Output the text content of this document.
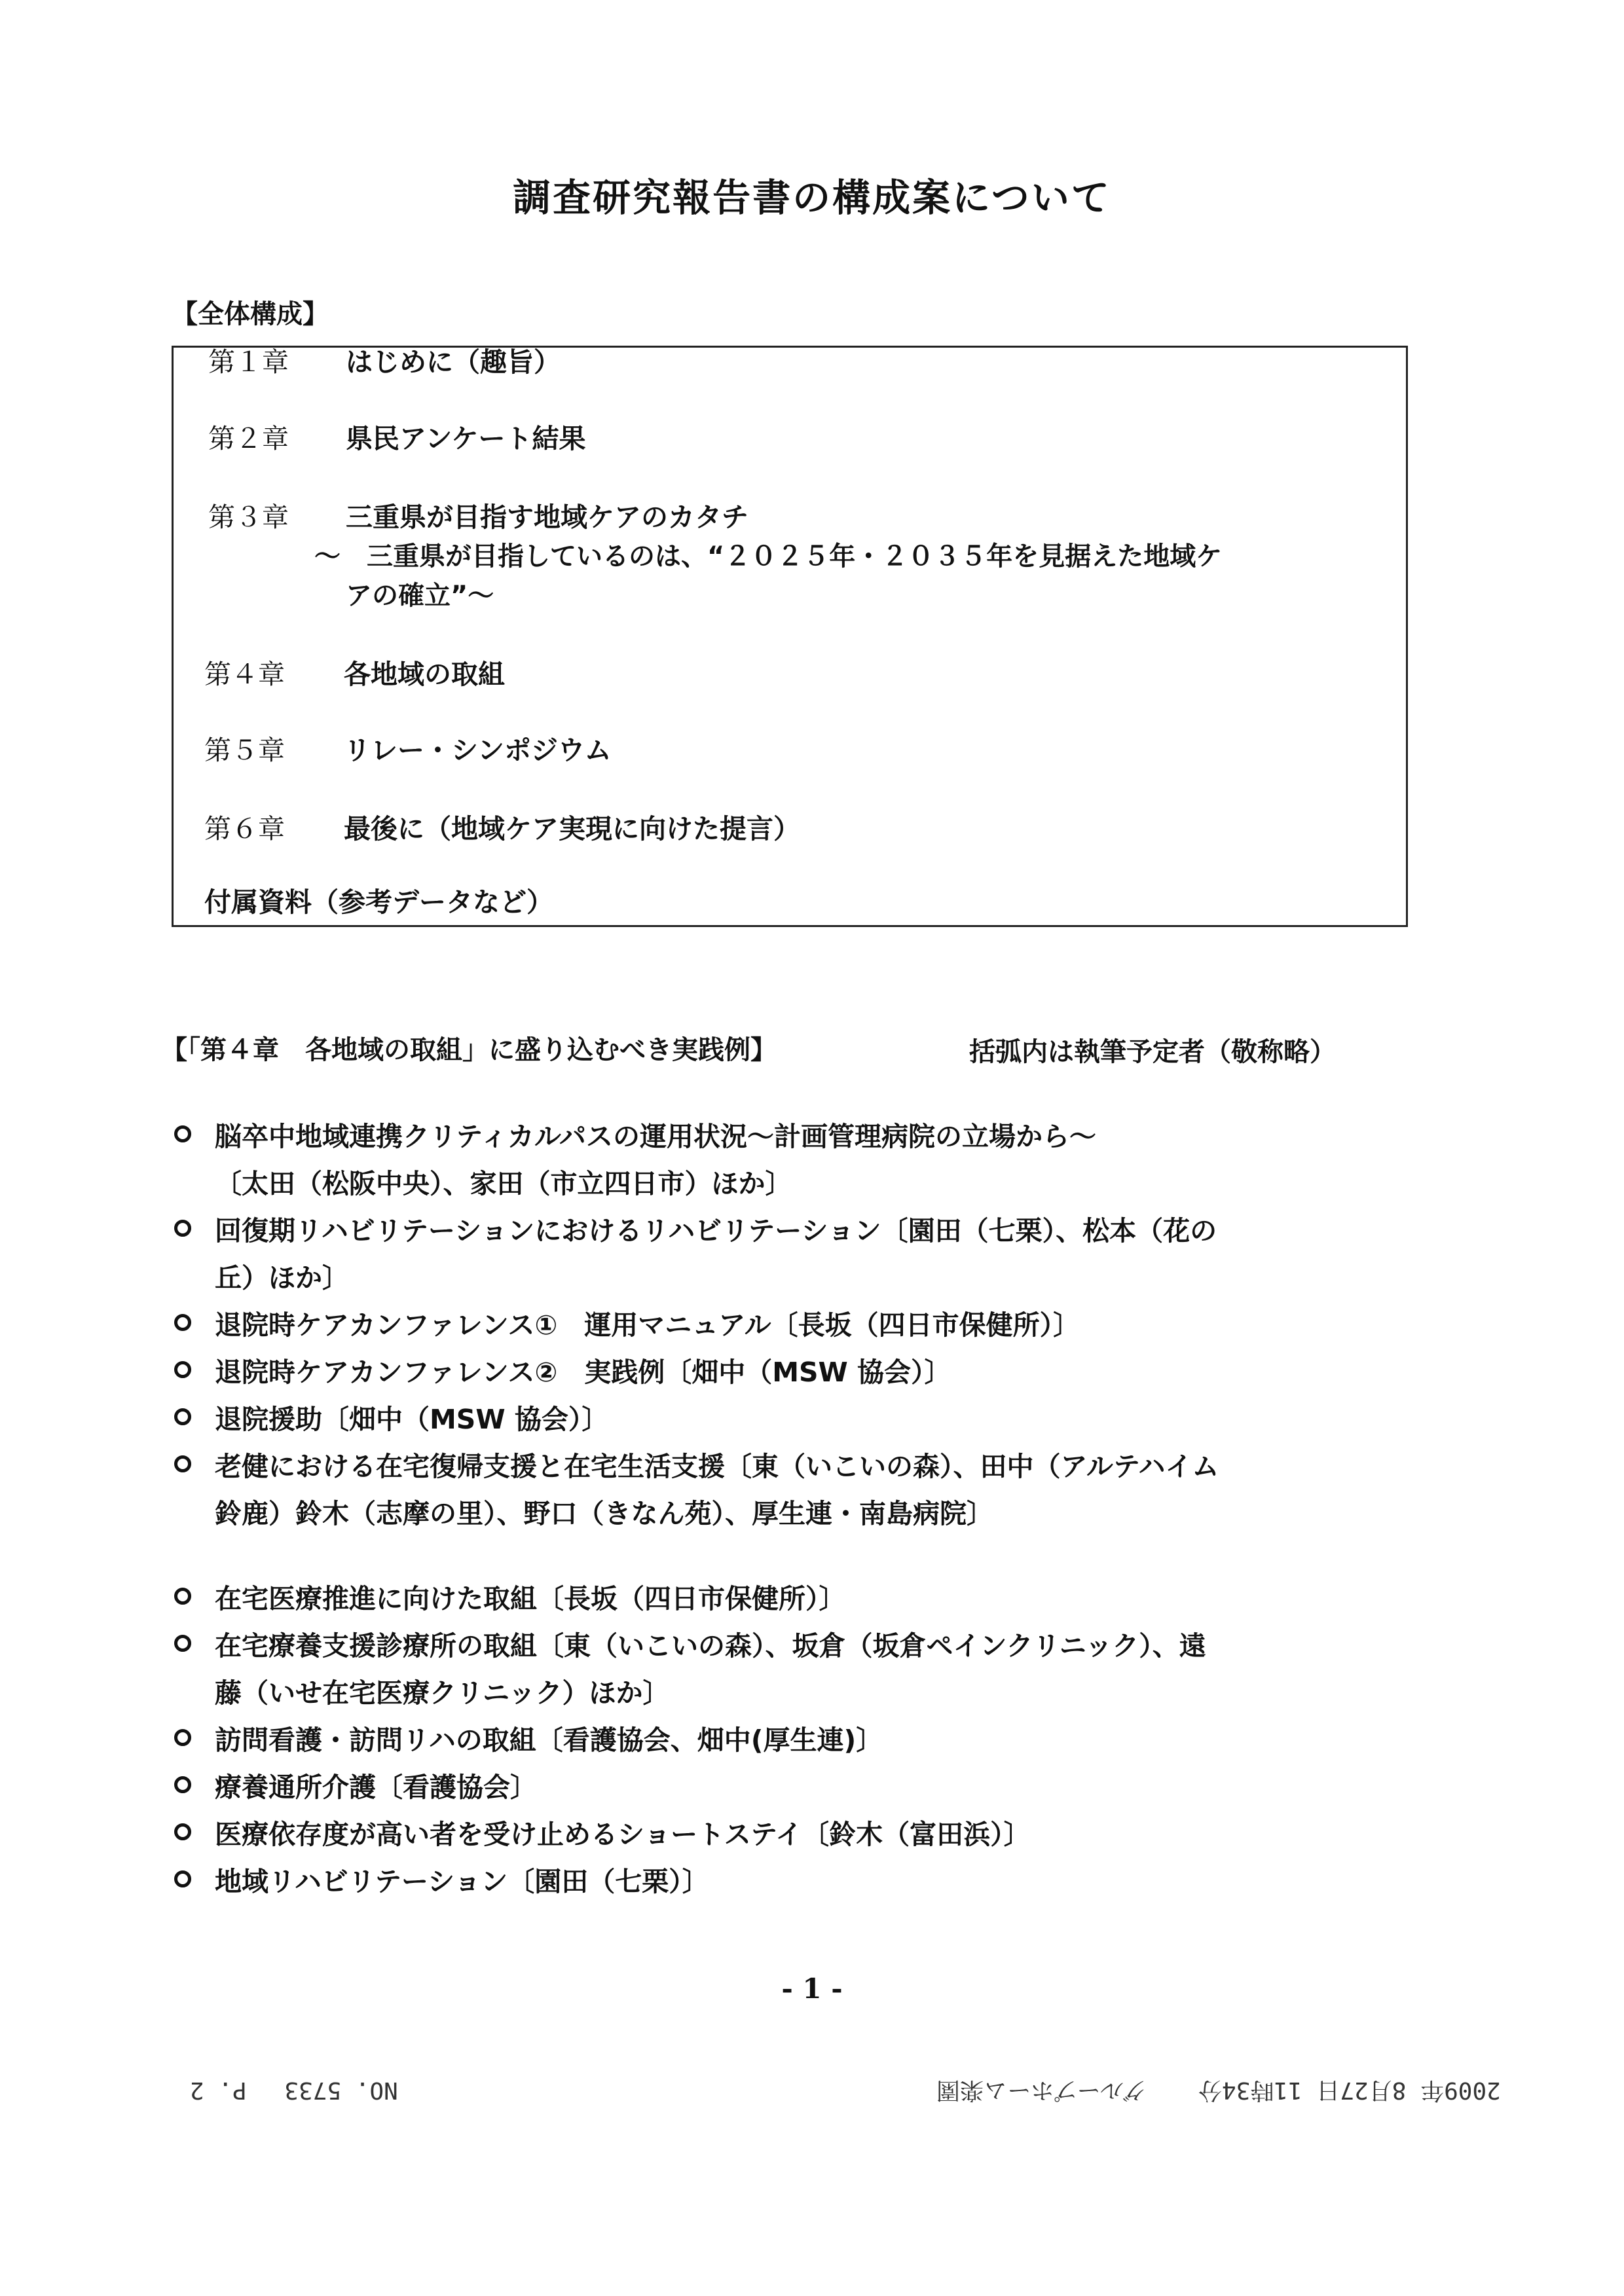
調査研究報告書の構成案について
【全体構成】
第１章 はじめに（趣旨）
第２章 県民アンケート結果
第３章 三重県が目指す地域ケアのカタチ
～　三重県が目指しているのは、“２０２５年・２０３５年を見据えた地域ケ
アの確立”～
第４章 各地域の取組
第５章 リレー・シンポジウム
第６章 最後に（地域ケア実現に向けた提言）
付属資料（参考データなど）
【「第４章　各地域の取組」に盛り込むべき実践例】	括弧内は執筆予定者（敬称略）
脳卒中地域連携クリティカルパスの運用状況～計画管理病院の立場から～
〔太田（松阪中央）、家田（市立四日市）ほか〕
回復期リハビリテーションにおけるリハビリテーション〔園田（七栗）、松本（花の
丘）ほか〕
退院時ケアカンファレンス①　運用マニュアル〔長坂（四日市保健所）〕
退院時ケアカンファレンス②　実践例〔畑中（MSW 協会）〕
退院援助〔畑中（MSW 協会）〕
老健における在宅復帰支援と在宅生活支援〔東（いこいの森）、田中（アルテハイム
鈴鹿）鈴木（志摩の里）、野口（きなん苑）、厚生連・南島病院〕
在宅医療推進に向けた取組〔長坂（四日市保健所）〕
在宅療養支援診療所の取組〔東（いこいの森）、坂倉（坂倉ペインクリニック）、遠
藤（いせ在宅医療クリニック）ほか〕
訪問看護・訪問リハの取組〔看護協会、畑中(厚生連)〕
療養通所介護〔看護協会〕
医療依存度が高い者を受け止めるショートステイ〔鈴木（富田浜）〕
地域リハビリテーション〔園田（七栗）〕
- 1 -
2009年 8月27日 11時34分
グループホーム楽園
NO. 5733　 P. 2
